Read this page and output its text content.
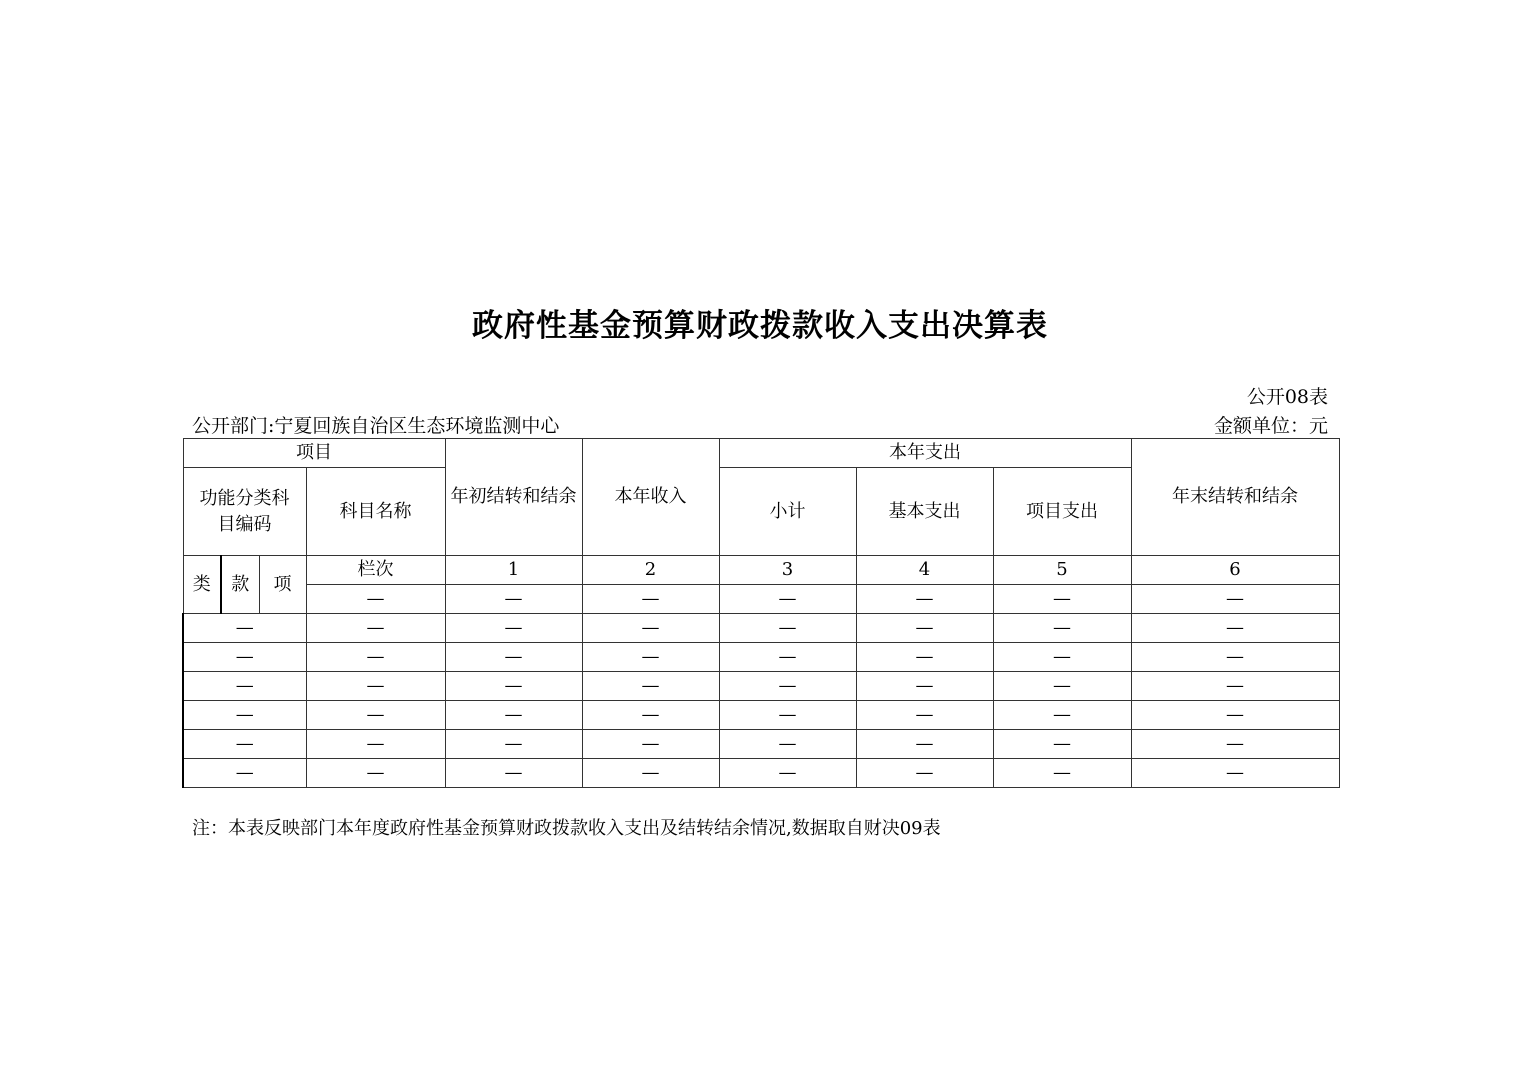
政府性基金预算财政拨款收入支出决算表
公开08表
公开部门:宁夏回族自治区生态环境监测中心	金额单位：元
项目				年初结转和结余	本年收入	本年支出			年末结转和结余
功能分类科目编码			科目名称			小计	基本支出	项目支出	
类	款	项	栏次	1	2	3	4	5	6
			—	—	—	—	—	—	—
—			—	—	—	—	—	—	—
—			—	—	—	—	—	—	—
—			—	—	—	—	—	—	—
—			—	—	—	—	—	—	—
—			—	—	—	—	—	—	—
—			—	—	—	—	—	—	—
注：本表反映部门本年度政府性基金预算财政拨款收入支出及结转结余情况,数据取自财决09表
